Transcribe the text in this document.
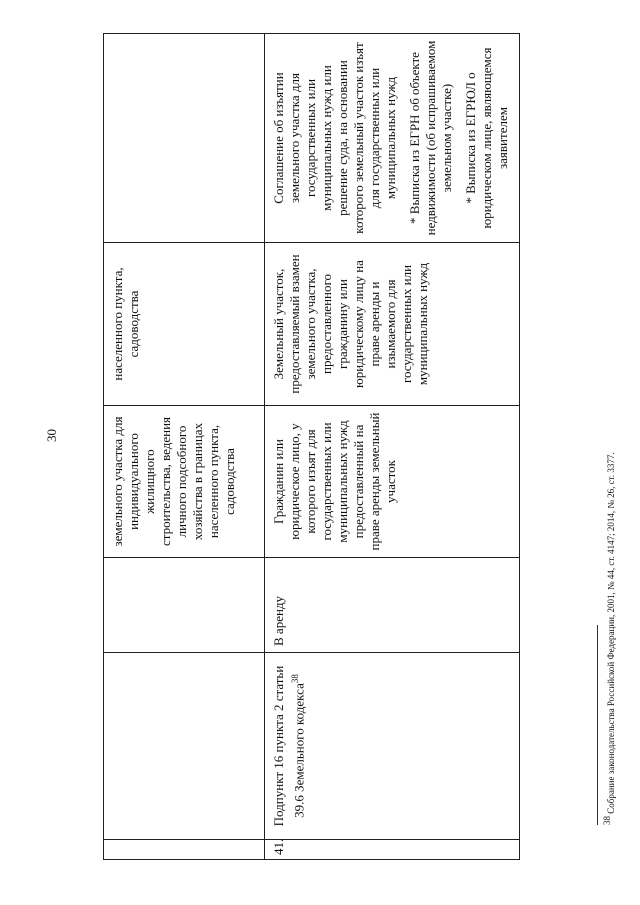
30	земельного участка для индивидуального жилищного строительства, ведения личного подсобного хозяйства в границах населенного пункта, садоводства
населенного пункта, садоводства
41.
Подпункт 16 пункта 2 статьи 39.6 Земельного кодекса$^{38}$
В аренду
Гражданин или юридическое лицо, у которого изъят для государственных или муниципальных нужд предоставленный на праве аренды земельный участок
Земельный участок, предоставляемый взамен земельного участка, предоставленного гражданину или юридическому лицу на праве аренды и изымаемого для государственных или муниципальных нужд
Соглашение об изъятии земельного участка для государственных или муниципальных нужд или решение суда, на основании которого земельный участок изъят для государственных или муниципальных нужд * Выписка из ЕГРН об объекте недвижимости (об испрашиваемом земельном участке) * Выписка из ЕГРЮЛ о юридическом лице, являющемся заявителем
$^{38}$ Собрание законодательства Российской Федерации, 2001, № 44, ст. 4147; 2014, № 26, ст. 3377.
